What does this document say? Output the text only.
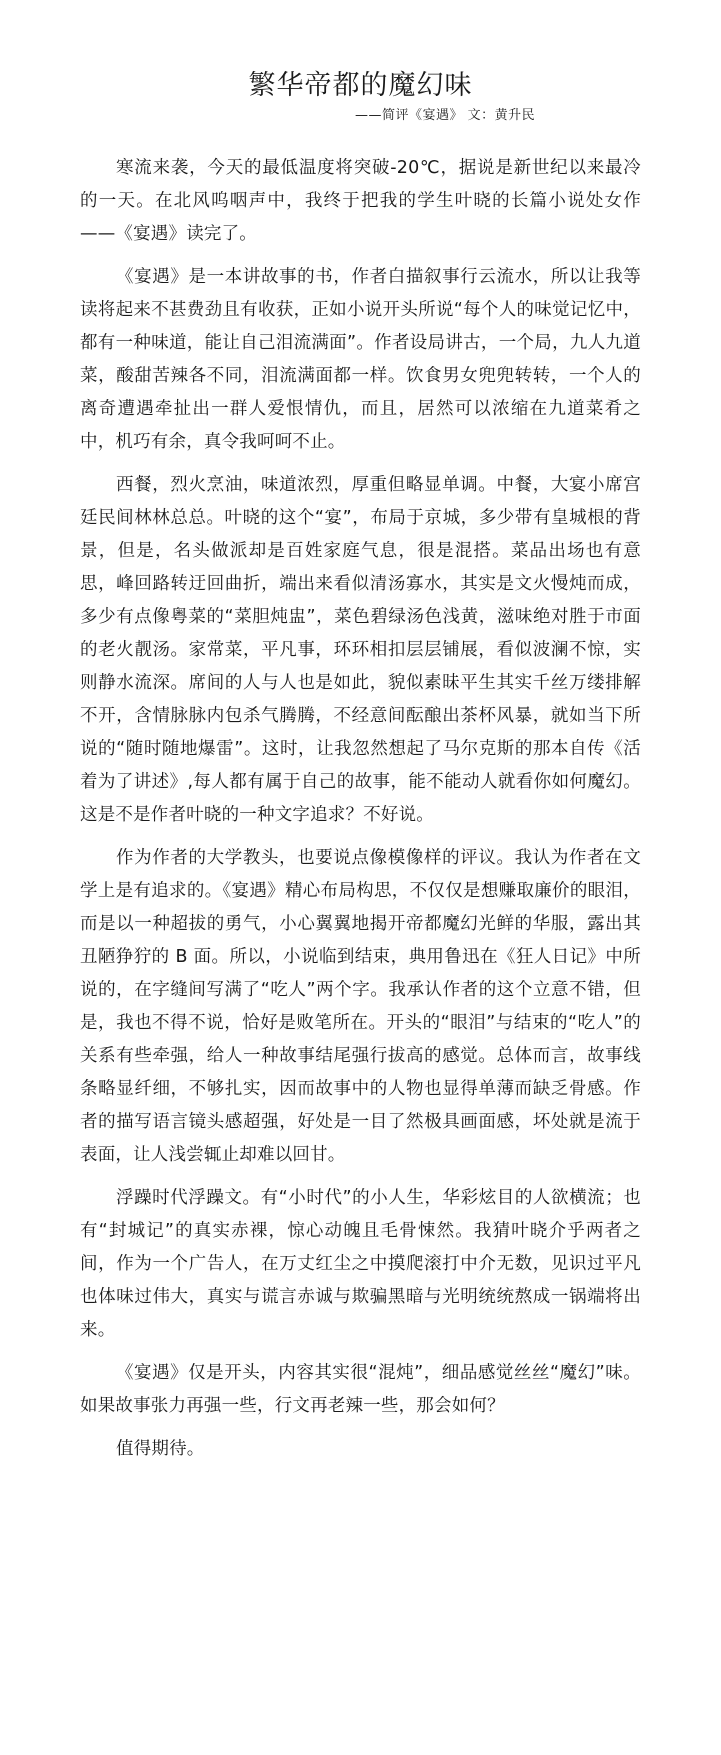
繁华帝都的魔幻味
——简评《宴遇》 文：黄升民

寒流来袭，今天的最低温度将突破-20℃，据说是新世纪以来最冷的一天。在北风呜咽声中，我终于把我的学生叶晓的长篇小说处女作——《宴遇》读完了。

《宴遇》是一本讲故事的书，作者白描叙事行云流水，所以让我等读将起来不甚费劲且有收获，正如小说开头所说“每个人的味觉记忆中，都有一种味道，能让自己泪流满面”。作者设局讲古，一个局，九人九道菜，酸甜苦辣各不同，泪流满面都一样。饮食男女兜兜转转，一个人的离奇遭遇牵扯出一群人爱恨情仇，而且，居然可以浓缩在九道菜肴之中，机巧有余，真令我呵呵不止。

西餐，烈火烹油，味道浓烈，厚重但略显单调。中餐，大宴小席宫廷民间林林总总。叶晓的这个“宴”，布局于京城，多少带有皇城根的背景，但是，名头做派却是百姓家庭气息，很是混搭。菜品出场也有意思，峰回路转迂回曲折，端出来看似清汤寡水，其实是文火慢炖而成，多少有点像粤菜的“菜胆炖盅”，菜色碧绿汤色浅黄，滋味绝对胜于市面的老火靓汤。家常菜，平凡事，环环相扣层层铺展，看似波澜不惊，实则静水流深。席间的人与人也是如此，貌似素昧平生其实千丝万缕排解不开，含情脉脉内包杀气腾腾，不经意间酝酿出茶杯风暴，就如当下所说的“随时随地爆雷”。这时，让我忽然想起了马尔克斯的那本自传《活着为了讲述》,每人都有属于自己的故事，能不能动人就看你如何魔幻。这是不是作者叶晓的一种文字追求？不好说。

作为作者的大学教头，也要说点像模像样的评议。我认为作者在文学上是有追求的。《宴遇》精心布局构思，不仅仅是想赚取廉价的眼泪，而是以一种超拔的勇气，小心翼翼地揭开帝都魔幻光鲜的华服，露出其丑陋狰狞的 B 面。所以，小说临到结束，典用鲁迅在《狂人日记》中所说的，在字缝间写满了“吃人”两个字。我承认作者的这个立意不错，但是，我也不得不说，恰好是败笔所在。开头的“眼泪”与结束的“吃人”的关系有些牵强，给人一种故事结尾强行拔高的感觉。总体而言，故事线条略显纤细，不够扎实，因而故事中的人物也显得单薄而缺乏骨感。作者的描写语言镜头感超强，好处是一目了然极具画面感，坏处就是流于表面，让人浅尝辄止却难以回甘。

浮躁时代浮躁文。有“小时代”的小人生，华彩炫目的人欲横流；也有“封城记”的真实赤裸，惊心动魄且毛骨悚然。我猜叶晓介乎两者之间，作为一个广告人，在万丈红尘之中摸爬滚打中介无数，见识过平凡也体味过伟大，真实与谎言赤诚与欺骗黑暗与光明统统熬成一锅端将出来。

《宴遇》仅是开头，内容其实很“混炖”，细品感觉丝丝“魔幻”味。如果故事张力再强一些，行文再老辣一些，那会如何？

值得期待。
